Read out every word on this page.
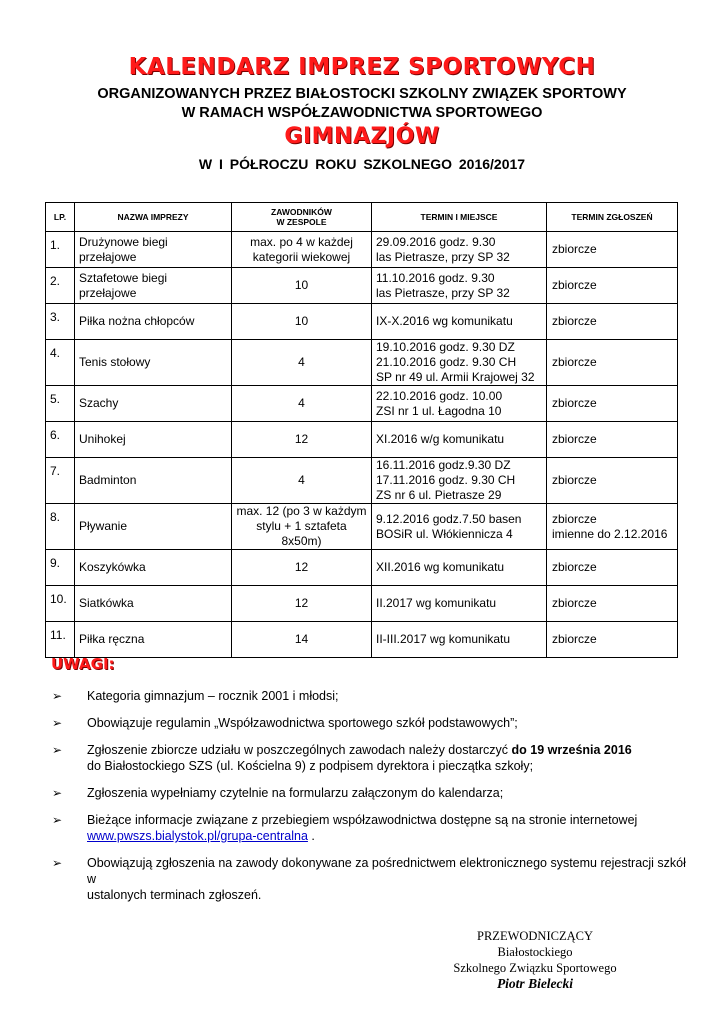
KALENDARZ IMPREZ SPORTOWYCH
ORGANIZOWANYCH PRZEZ BIAŁOSTOCKI SZKOLNY ZWIĄZEK SPORTOWY
W RAMACH WSPÓŁZAWODNICTWA SPORTOWEGO
GIMNAZJÓW
W I PÓŁROCZU ROKU SZKOLNEGO 2016/2017
LP.	NAZWA IMPREZY	ZAWODNIKÓW
W ZESPOLE	TERMIN I MIEJSCE	TERMIN ZGŁOSZEŃ
1.	Drużynowe biegi przełajowe	max. po 4 w każdej
kategorii wiekowej	29.09.2016 godz. 9.30
las Pietrasze, przy SP 32	zbiorcze
2.	Sztafetowe biegi przełajowe	10	11.10.2016 godz. 9.30
las Pietrasze, przy SP 32	zbiorcze
3.	Piłka nożna chłopców	10	IX-X.2016 wg komunikatu	zbiorcze
4.	Tenis stołowy	4	19.10.2016 godz. 9.30 DZ
21.10.2016 godz. 9.30 CH
SP nr 49 ul. Armii Krajowej 32	zbiorcze
5.	Szachy	4	22.10.2016 godz. 10.00
ZSI nr 1 ul. Łagodna 10	zbiorcze
6.	Unihokej	12	XI.2016 w/g komunikatu	zbiorcze
7.	Badminton	4	16.11.2016 godz.9.30 DZ
17.11.2016 godz. 9.30 CH
ZS nr 6 ul. Pietrasze 29	zbiorcze
8.	Pływanie	max. 12 (po 3 w każdym
stylu + 1 sztafeta 8x50m)	9.12.2016 godz.7.50 basen
BOSiR ul. Włókiennicza 4	zbiorcze
imienne do 2.12.2016
9.	Koszykówka	12	XII.2016 wg komunikatu	zbiorcze
10.	Siatkówka	12	II.2017 wg komunikatu	zbiorcze
11.	Piłka ręczna	14	II-III.2017 wg komunikatu	zbiorcze
UWAGI:
➢ Kategoria gimnazjum – rocznik 2001 i młodsi;
➢ Obowiązuje regulamin „Współzawodnictwa sportowego szkół podstawowych”;
➢ Zgłoszenie zbiorcze udziału w poszczególnych zawodach należy dostarczyć do 19 września 2016
do Białostockiego SZS (ul. Kościelna 9) z podpisem dyrektora i pieczątka szkoły;
➢ Zgłoszenia wypełniamy czytelnie na formularzu załączonym do kalendarza;
➢ Bieżące informacje związane z przebiegiem współzawodnictwa dostępne są na stronie internetowej
www.pwszs.bialystok.pl/grupa-centralna .
➢ Obowiązują zgłoszenia na zawody dokonywane za pośrednictwem elektronicznego systemu rejestracji szkół w
ustalonych terminach zgłoszeń.
PRZEWODNICZĄCY
Białostockiego
Szkolnego Związku Sportowego
Piotr Bielecki
